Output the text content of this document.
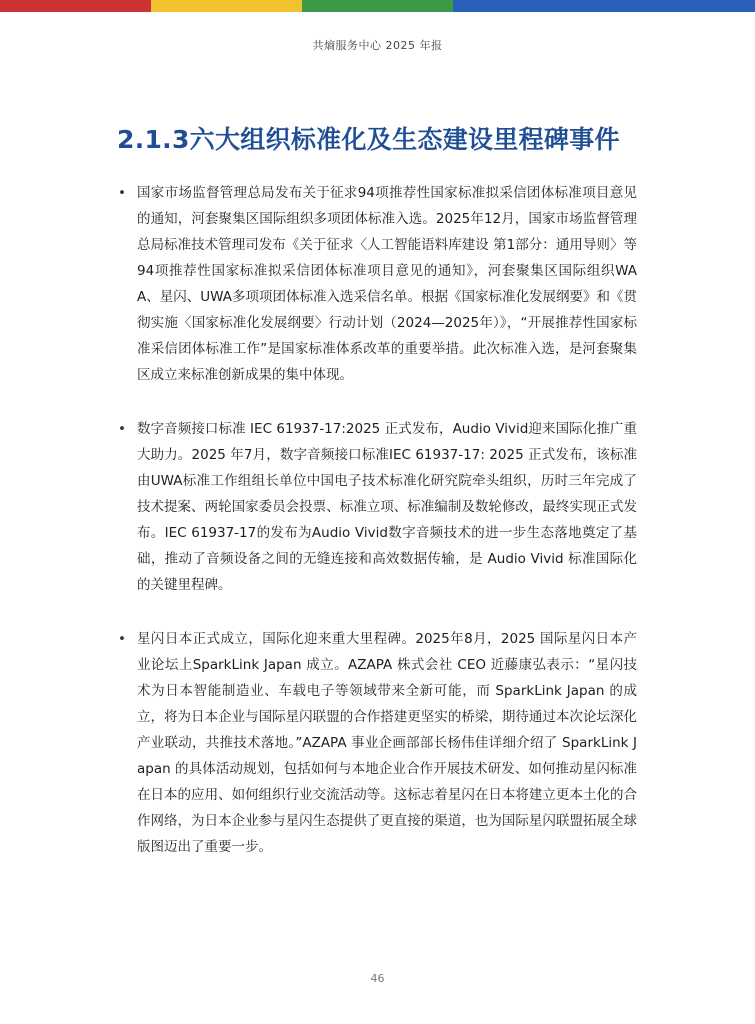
共熵服务中心 2025 年报
2.1.3六大组织标准化及生态建设里程碑事件
• 国家市场监督管理总局发布关于征求94项推荐性国家标准拟采信团体标准项目意见的通知，河套聚集区国际组织多项团体标准入选。2025年12月，国家市场监督管理总局标准技术管理司发布《关于征求〈人工智能语料库建设 第1部分：通用导则〉等94项推荐性国家标准拟采信团体标准项目意见的通知》，河套聚集区国际组织WAA、星闪、UWA多项项团体标准入选采信名单。根据《国家标准化发展纲要》和《贯彻实施〈国家标准化发展纲要〉行动计划（2024—2025年）》，“开展推荐性国家标准采信团体标准工作”是国家标准体系改革的重要举措。此次标准入选，是河套聚集区成立来标准创新成果的集中体现。
• 数字音频接口标准 IEC 61937-17:2025 正式发布，Audio Vivid迎来国际化推广重大助力。2025 年7月，数字音频接口标准IEC 61937-17: 2025 正式发布，该标准由UWA标准工作组组长单位中国电子技术标准化研究院牵头组织，历时三年完成了技术提案、两轮国家委员会投票、标准立项、标准编制及数轮修改，最终实现正式发布。IEC 61937-17的发布为Audio Vivid数字音频技术的进一步生态落地奠定了基础，推动了音频设备之间的无缝连接和高效数据传输，是 Audio Vivid 标准国际化的关键里程碑。
• 星闪日本正式成立，国际化迎来重大里程碑。2025年8月，2025 国际星闪日本产业论坛上SparkLink Japan 成立。AZAPA 株式会社 CEO 近藤康弘表示：“星闪技术为日本智能制造业、车载电子等领域带来全新可能，而 SparkLink Japan 的成立，将为日本企业与国际星闪联盟的合作搭建更坚实的桥梁，期待通过本次论坛深化产业联动，共推技术落地。”AZAPA 事业企画部部长杨伟佳详细介绍了 SparkLink Japan 的具体活动规划，包括如何与本地企业合作开展技术研发、如何推动星闪标准在日本的应用、如何组织行业交流活动等。这标志着星闪在日本将建立更本土化的合作网络，为日本企业参与星闪生态提供了更直接的渠道，也为国际星闪联盟拓展全球版图迈出了重要一步。
46
